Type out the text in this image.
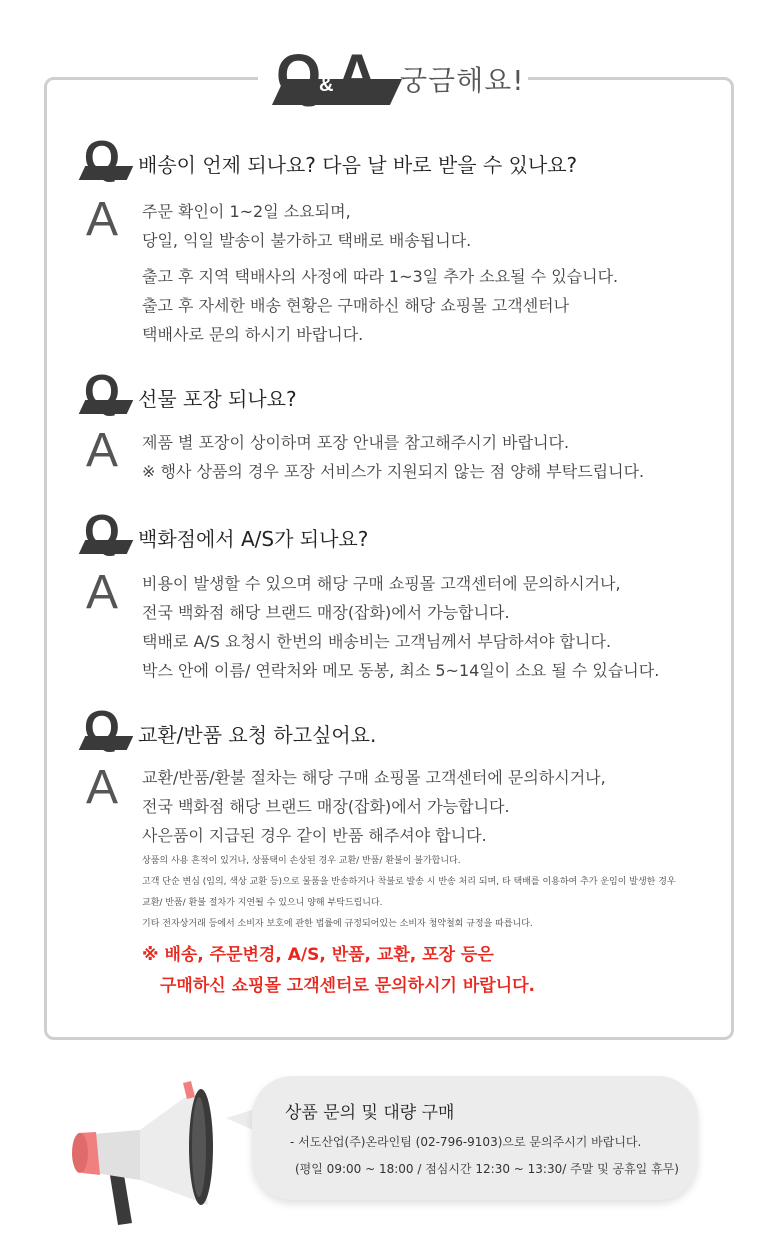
Q
& A 궁금해요!
Q 배송이 언제 되나요? 다음 날 바로 받을 수 있나요?
A 주문 확인이 1~2일 소요되며,
당일, 익일 발송이 불가하고 택배로 배송됩니다.
출고 후 지역 택배사의 사정에 따라 1~3일 추가 소요될 수 있습니다.
출고 후 자세한 배송 현황은 구매하신 해당 쇼핑몰 고객센터나
택배사로 문의 하시기 바랍니다.
Q 선물 포장 되나요?
A 제품 별 포장이 상이하며 포장 안내를 참고해주시기 바랍니다.
※ 행사 상품의 경우 포장 서비스가 지원되지 않는 점 양해 부탁드립니다.
Q 백화점에서 A/S가 되나요?
A 비용이 발생할 수 있으며 해당 구매 쇼핑몰 고객센터에 문의하시거나,
전국 백화점 해당 브랜드 매장(잡화)에서 가능합니다.
택배로 A/S 요청시 한번의 배송비는 고객님께서 부담하셔야 합니다.
박스 안에 이름/ 연락처와 메모 동봉, 최소 5~14일이 소요 될 수 있습니다.
Q 교환/반품 요청 하고싶어요.
A 교환/반품/환불 절차는 해당 구매 쇼핑몰 고객센터에 문의하시거나,
전국 백화점 해당 브랜드 매장(잡화)에서 가능합니다.
사은품이 지급된 경우 같이 반품 해주셔야 합니다.
상품의 사용 흔적이 있거나, 상품택이 손상된 경우 교환/ 반품/ 환불이 불가합니다.
고객 단순 변심 (임의, 색상 교환 등)으로 물품을 반송하거나 착불로 발송 시 반송 처리 되며, 타 택배를 이용하여 추가 운임이 발생한 경우
교환/ 반품/ 환불 절차가 지연될 수 있으니 양해 부탁드립니다.
기타 전자상거래 등에서 소비자 보호에 관한 법률에 규정되어있는 소비자 청약철회 규정을 따릅니다.
※ 배송, 주문변경, A/S, 반품, 교환, 포장 등은
구매하신 쇼핑몰 고객센터로 문의하시기 바랍니다.
상품 문의 및 대량 구매
- 서도산업(주)온라인팀 (02-796-9103)으로 문의주시기 바랍니다.
(평일 09:00 ~ 18:00 / 점심시간 12:30 ~ 13:30/ 주말 및 공휴일 휴무)
